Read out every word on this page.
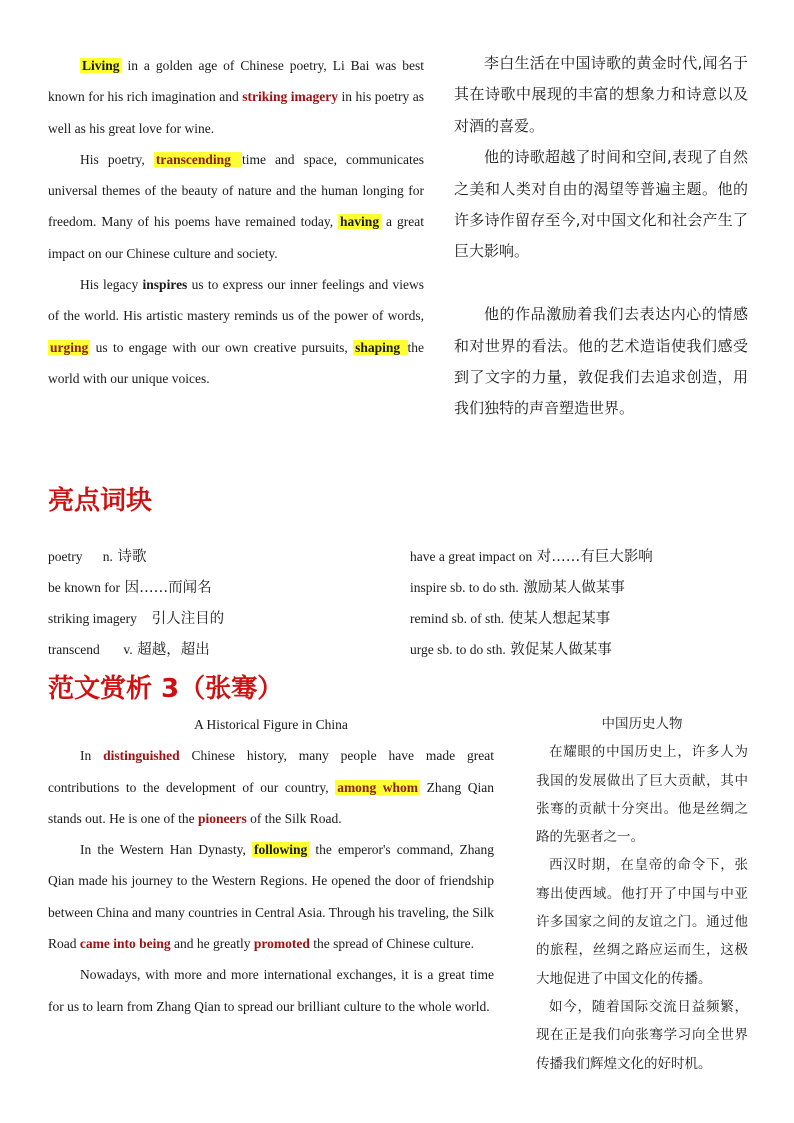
Living in a golden age of Chinese poetry, Li Bai was best known for his rich imagination and striking imagery in his poetry as well as his great love for wine.

His poetry, transcending time and space, communicates universal themes of the beauty of nature and the human longing for freedom. Many of his poems have remained today, having a great impact on our Chinese culture and society.

His legacy inspires us to express our inner feelings and views of the world. His artistic mastery reminds us of the power of words, urging us to engage with our own creative pursuits, shaping the world with our unique voices.

李白生活在中国诗歌的黄金时代,闻名于其在诗歌中展现的丰富的想象力和诗意以及对酒的喜爱。

他的诗歌超越了时间和空间,表现了自然之美和人类对自由的渴望等普遍主题。他的许多诗作留存至今,对中国文化和社会产生了巨大影响。

他的作品激励着我们去表达内心的情感和对世界的看法。他的艺术造诣使我们感受到了文字的力量，敦促我们去追求创造，用我们独特的声音塑造世界。

亮点词块
poetry      n. 诗歌
be known for 因……而闻名
striking imagery    引人注目的
transcend       v. 超越，超出
have a great impact on 对……有巨大影响
inspire sb. to do sth. 激励某人做某事
remind sb. of sth. 使某人想起某事
urge sb. to do sth. 敦促某人做某事
范文赏析 3（张骞）

A Historical Figure in China

In distinguished Chinese history, many people have made great contributions to the development of our country, among whom Zhang Qian stands out. He is one of the pioneers of the Silk Road.

In the Western Han Dynasty, following the emperor's command, Zhang Qian made his journey to the Western Regions. He opened the door of friendship between China and many countries in Central Asia. Through his traveling, the Silk Road came into being and he greatly promoted the spread of Chinese culture.

Nowadays, with more and more international exchanges, it is a great time for us to learn from Zhang Qian to spread our brilliant culture to the whole world.

中国历史人物

在耀眼的中国历史上，许多人为我国的发展做出了巨大贡献，其中张骞的贡献十分突出。他是丝绸之路的先驱者之一。

西汉时期，在皇帝的命令下，张骞出使西域。他打开了中国与中亚许多国家之间的友谊之门。通过他的旅程，丝绸之路应运而生，这极大地促进了中国文化的传播。

如今，随着国际交流日益频繁，现在正是我们向张骞学习向全世界传播我们辉煌文化的好时机。
